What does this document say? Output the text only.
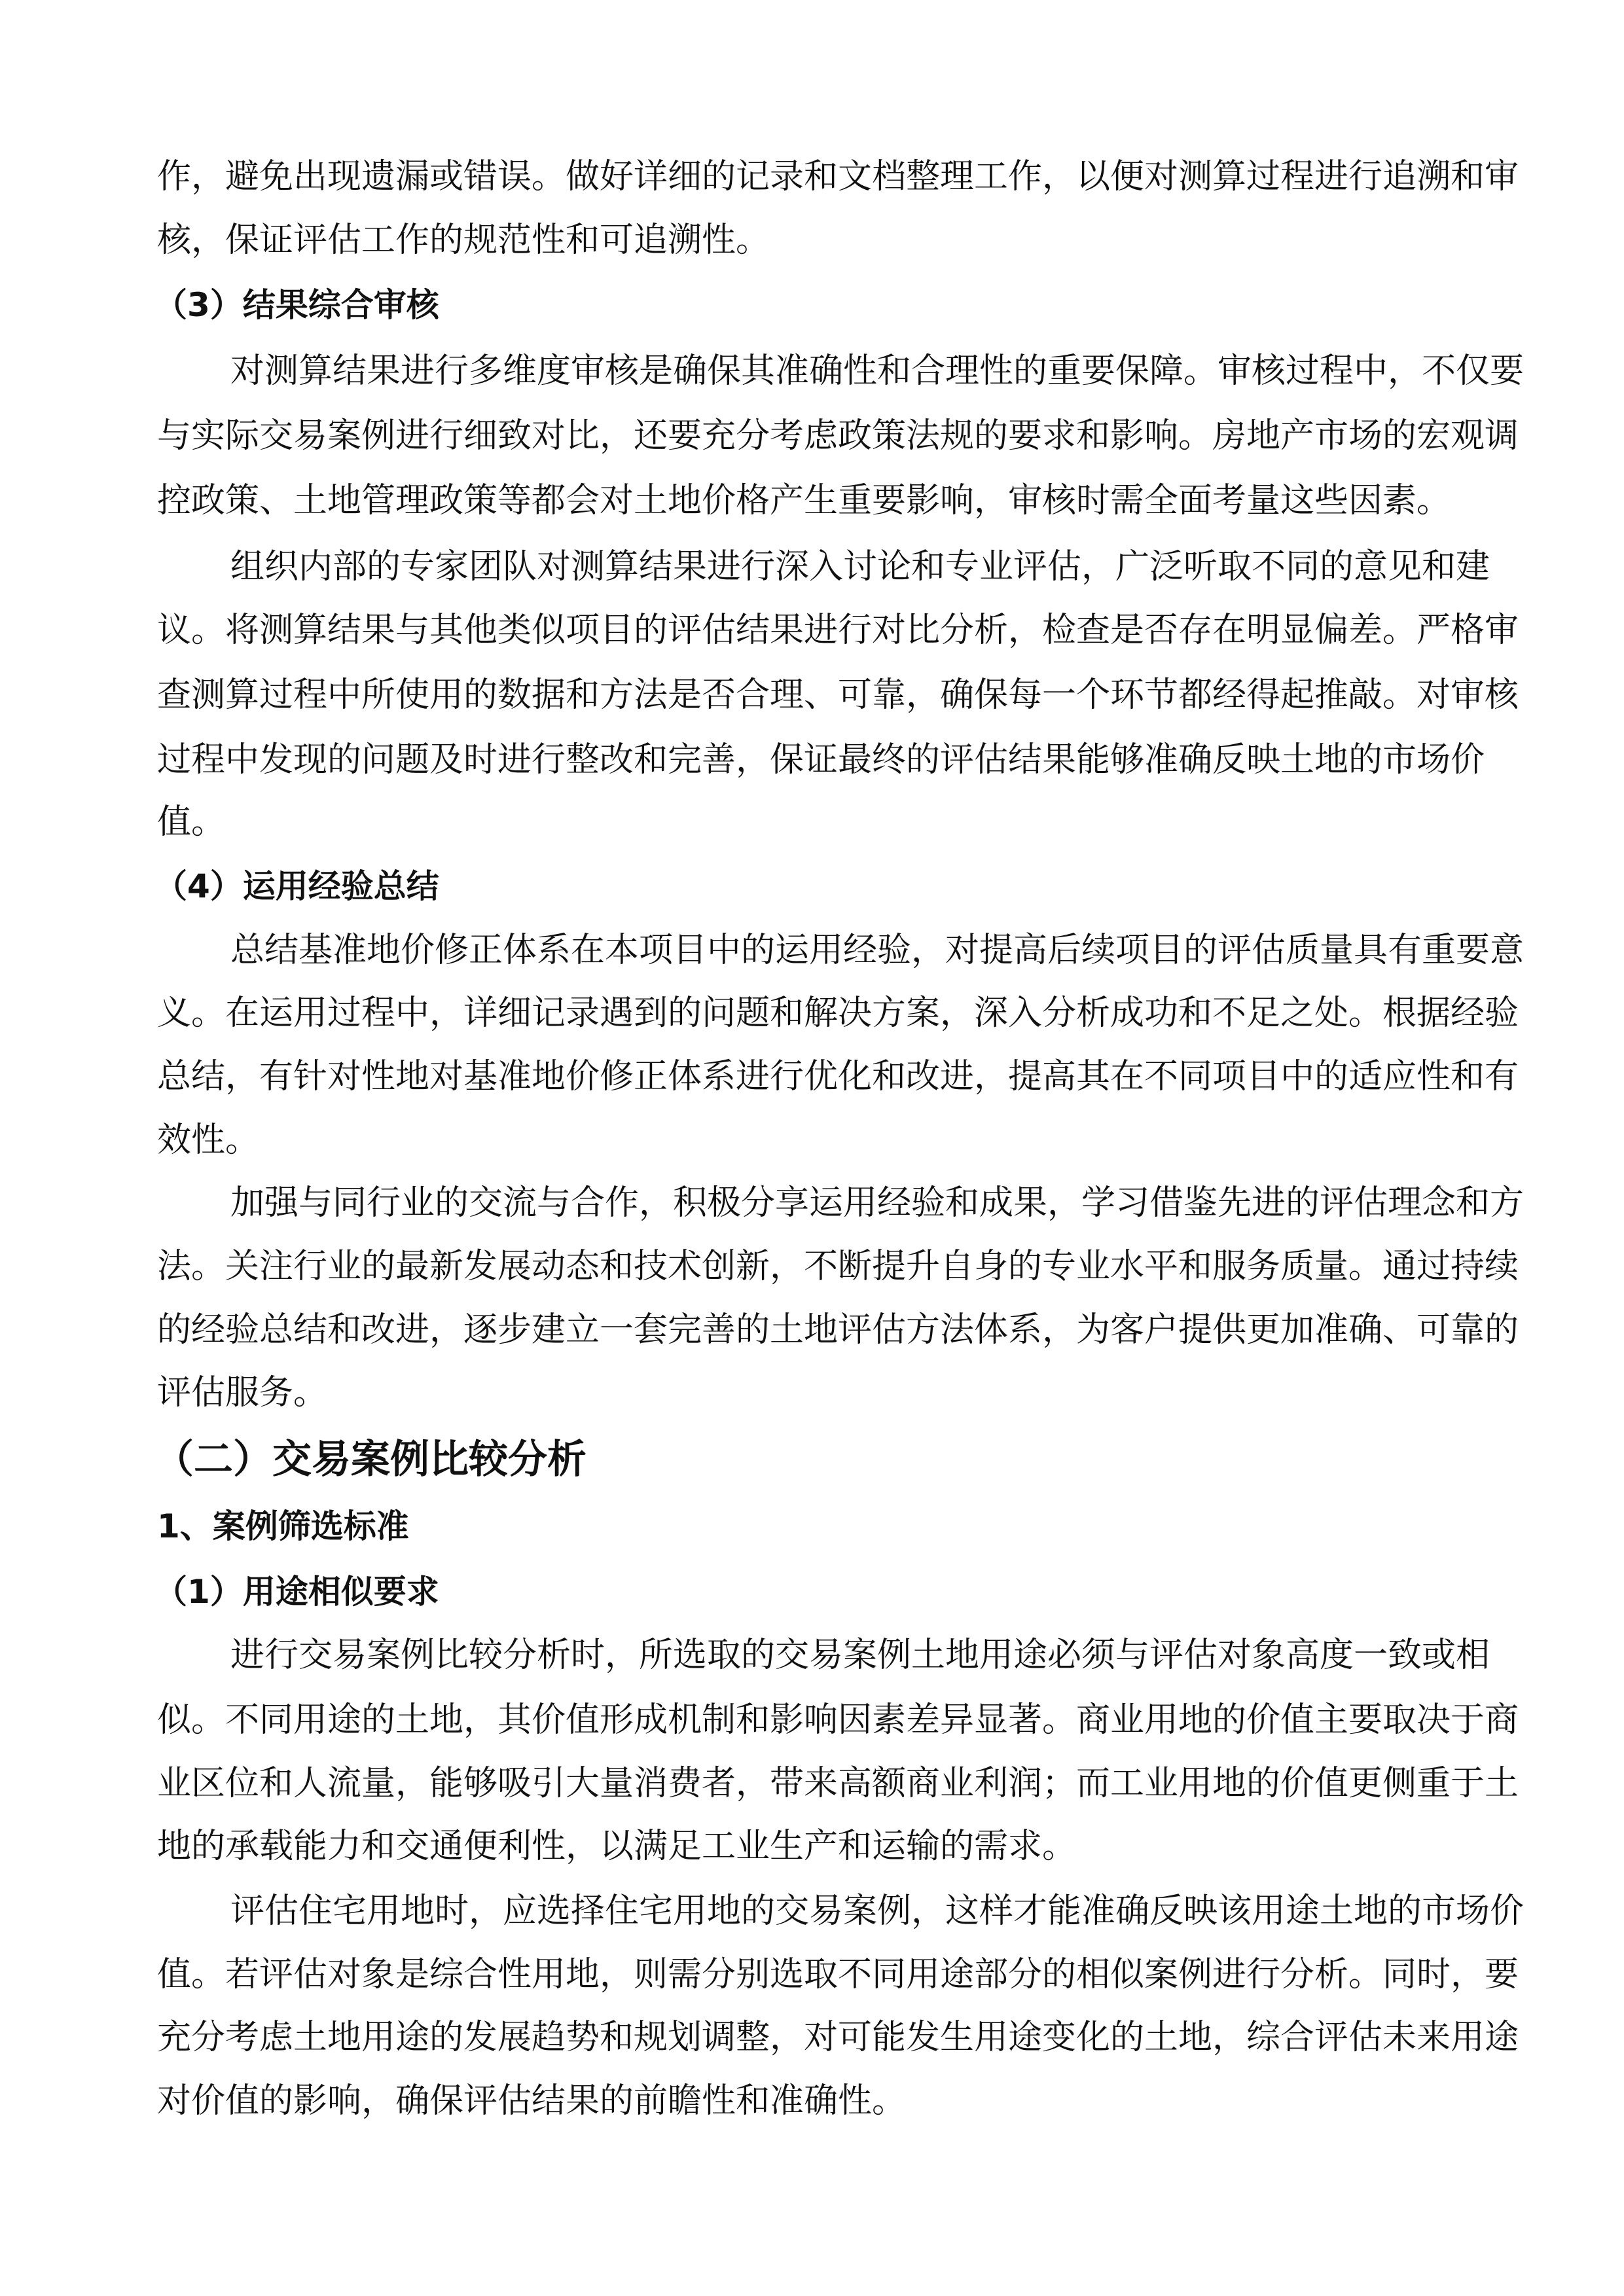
作，避免出现遗漏或错误。做好详细的记录和文档整理工作，以便对测算过程进行追溯和审
核，保证评估工作的规范性和可追溯性。
（3）结果综合审核
对测算结果进行多维度审核是确保其准确性和合理性的重要保障。审核过程中，不仅要
与实际交易案例进行细致对比，还要充分考虑政策法规的要求和影响。房地产市场的宏观调
控政策、土地管理政策等都会对土地价格产生重要影响，审核时需全面考量这些因素。
组织内部的专家团队对测算结果进行深入讨论和专业评估，广泛听取不同的意见和建
议。将测算结果与其他类似项目的评估结果进行对比分析，检查是否存在明显偏差。严格审
查测算过程中所使用的数据和方法是否合理、可靠，确保每一个环节都经得起推敲。对审核
过程中发现的问题及时进行整改和完善，保证最终的评估结果能够准确反映土地的市场价
值。
（4）运用经验总结
总结基准地价修正体系在本项目中的运用经验，对提高后续项目的评估质量具有重要意
义。在运用过程中，详细记录遇到的问题和解决方案，深入分析成功和不足之处。根据经验
总结，有针对性地对基准地价修正体系进行优化和改进，提高其在不同项目中的适应性和有
效性。
加强与同行业的交流与合作，积极分享运用经验和成果，学习借鉴先进的评估理念和方
法。关注行业的最新发展动态和技术创新，不断提升自身的专业水平和服务质量。通过持续
的经验总结和改进，逐步建立一套完善的土地评估方法体系，为客户提供更加准确、可靠的
评估服务。
（二）交易案例比较分析
1、案例筛选标准
（1）用途相似要求
进行交易案例比较分析时，所选取的交易案例土地用途必须与评估对象高度一致或相
似。不同用途的土地，其价值形成机制和影响因素差异显著。商业用地的价值主要取决于商
业区位和人流量，能够吸引大量消费者，带来高额商业利润；而工业用地的价值更侧重于土
地的承载能力和交通便利性，以满足工业生产和运输的需求。
评估住宅用地时，应选择住宅用地的交易案例，这样才能准确反映该用途土地的市场价
值。若评估对象是综合性用地，则需分别选取不同用途部分的相似案例进行分析。同时，要
充分考虑土地用途的发展趋势和规划调整，对可能发生用途变化的土地，综合评估未来用途
对价值的影响，确保评估结果的前瞻性和准确性。
